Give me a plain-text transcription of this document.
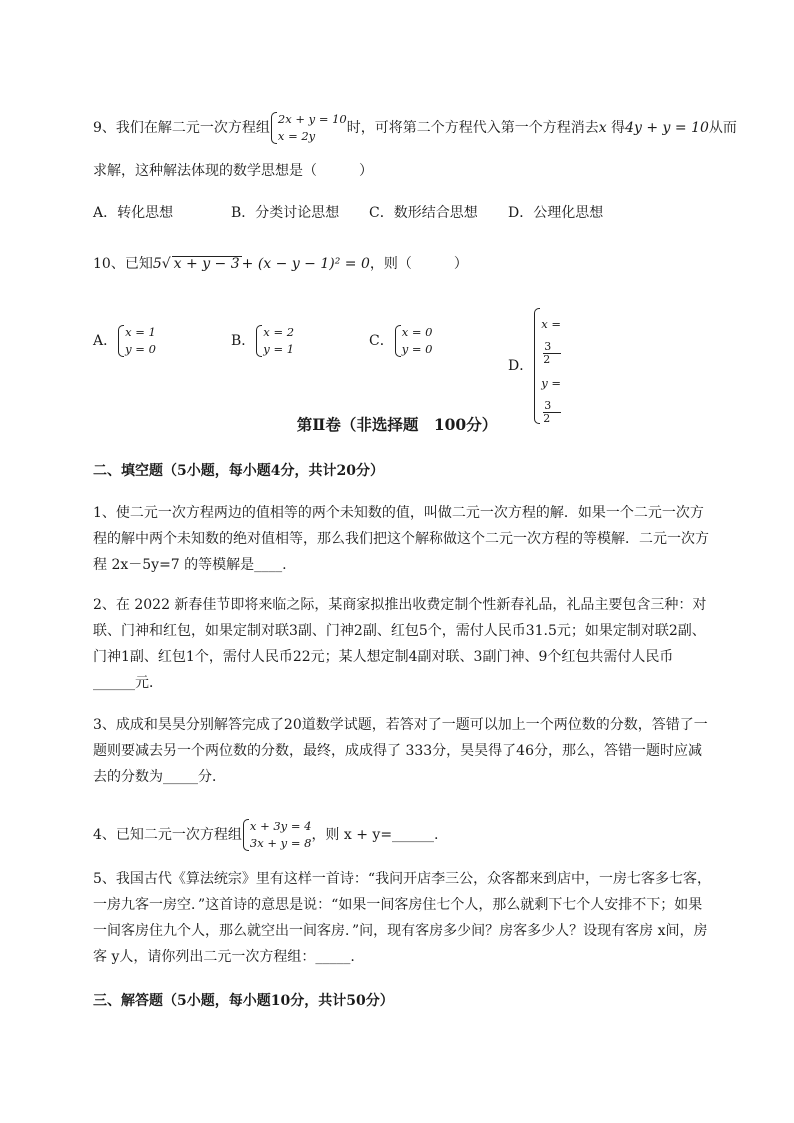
9、我们在解二元一次方程组
2x + y = 10
x = 2y	时，可将第二个方程代入第一个方程消去x 得4y + y = 10从而
求解，这种解法体现的数学思想是（　　　）
A．转化思想	B．分类讨论思想 C．数形结合思想 D．公理化思想
10、已知5√ x + y − 3 + (x − y − 1)² = 0，则（　　　）
A．
x = 1
y = 0	B．
x = 2
y = 1	C．
x = 0
y = 0
D．
x =
3
2
y =
3
2
第Ⅱ卷（非选择题　100分）
二、填空题（5小题，每小题4分，共计20分）
1、使二元一次方程两边的值相等的两个未知数的值，叫做二元一次方程的解．如果一个二元一次方程的解中两个未知数的绝对值相等，那么我们把这个解称做这个二元一次方程的等模解．二元一次方程 2x－5y=7 的等模解是____.
2、在 2022 新春佳节即将来临之际，某商家拟推出收费定制个性新春礼品，礼品主要包含三种：对联、门神和红包，如果定制对联3副、门神2副、红包5个，需付人民币31.5元；如果定制对联2副、门神1副、红包1个，需付人民币22元；某人想定制4副对联、3副门神、9个红包共需付人民币______元．
3、成成和昊昊分别解答完成了20道数学试题，若答对了一题可以加上一个两位数的分数，答错了一题则要减去另一个两位数的分数，最终，成成得了 333分，昊昊得了46分，那么，答错一题时应减去的分数为_____分．
4、已知二元一次方程组
x + 3y = 4
3x + y = 8 ，则 x + y=______.
5、我国古代《算法统宗》里有这样一首诗：“我问开店李三公，众客都来到店中，一房七客多七客，一房九客一房空．”这首诗的意思是说：“如果一间客房住七个人，那么就剩下七个人安排不下；如果一间客房住九个人，那么就空出一间客房．”问，现有客房多少间？房客多少人？设现有客房 x间，房客 y人，请你列出二元一次方程组：_____.
三、解答题（5小题，每小题10分，共计50分）
